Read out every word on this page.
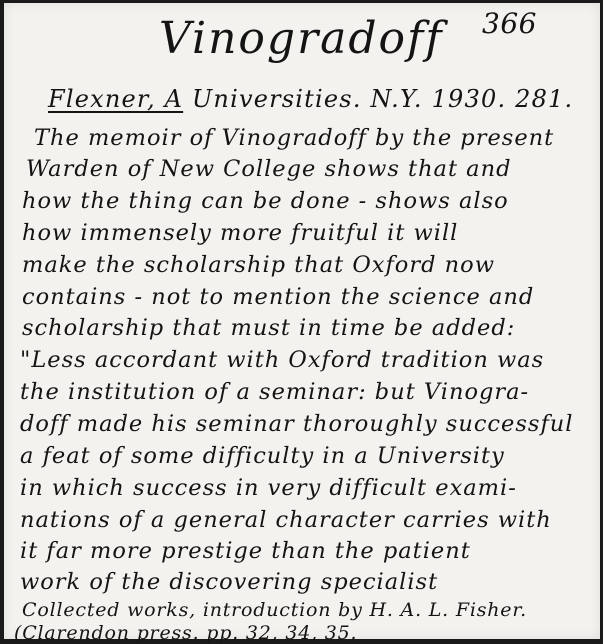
Vinogradoff 366
Flexner, A Universities. N.Y. 1930. 281.
The memoir of Vinogradoff by the present
Warden of New College shows that and
how the thing can be done - shows also
how immensely more fruitful it will
make the scholarship that Oxford now
contains - not to mention the science and
scholarship that must in time be added:
"Less accordant with Oxford tradition was
the institution of a seminar: but Vinogra-
doff made his seminar thoroughly successful
a feat of some difficulty in a University
in which success in very difficult exami-
nations of a general character carries with
it far more prestige than the patient
work of the discovering specialist
Collected works, introduction by H. A. L. Fisher.
(Clarendon press. pp. 32, 34, 35.
